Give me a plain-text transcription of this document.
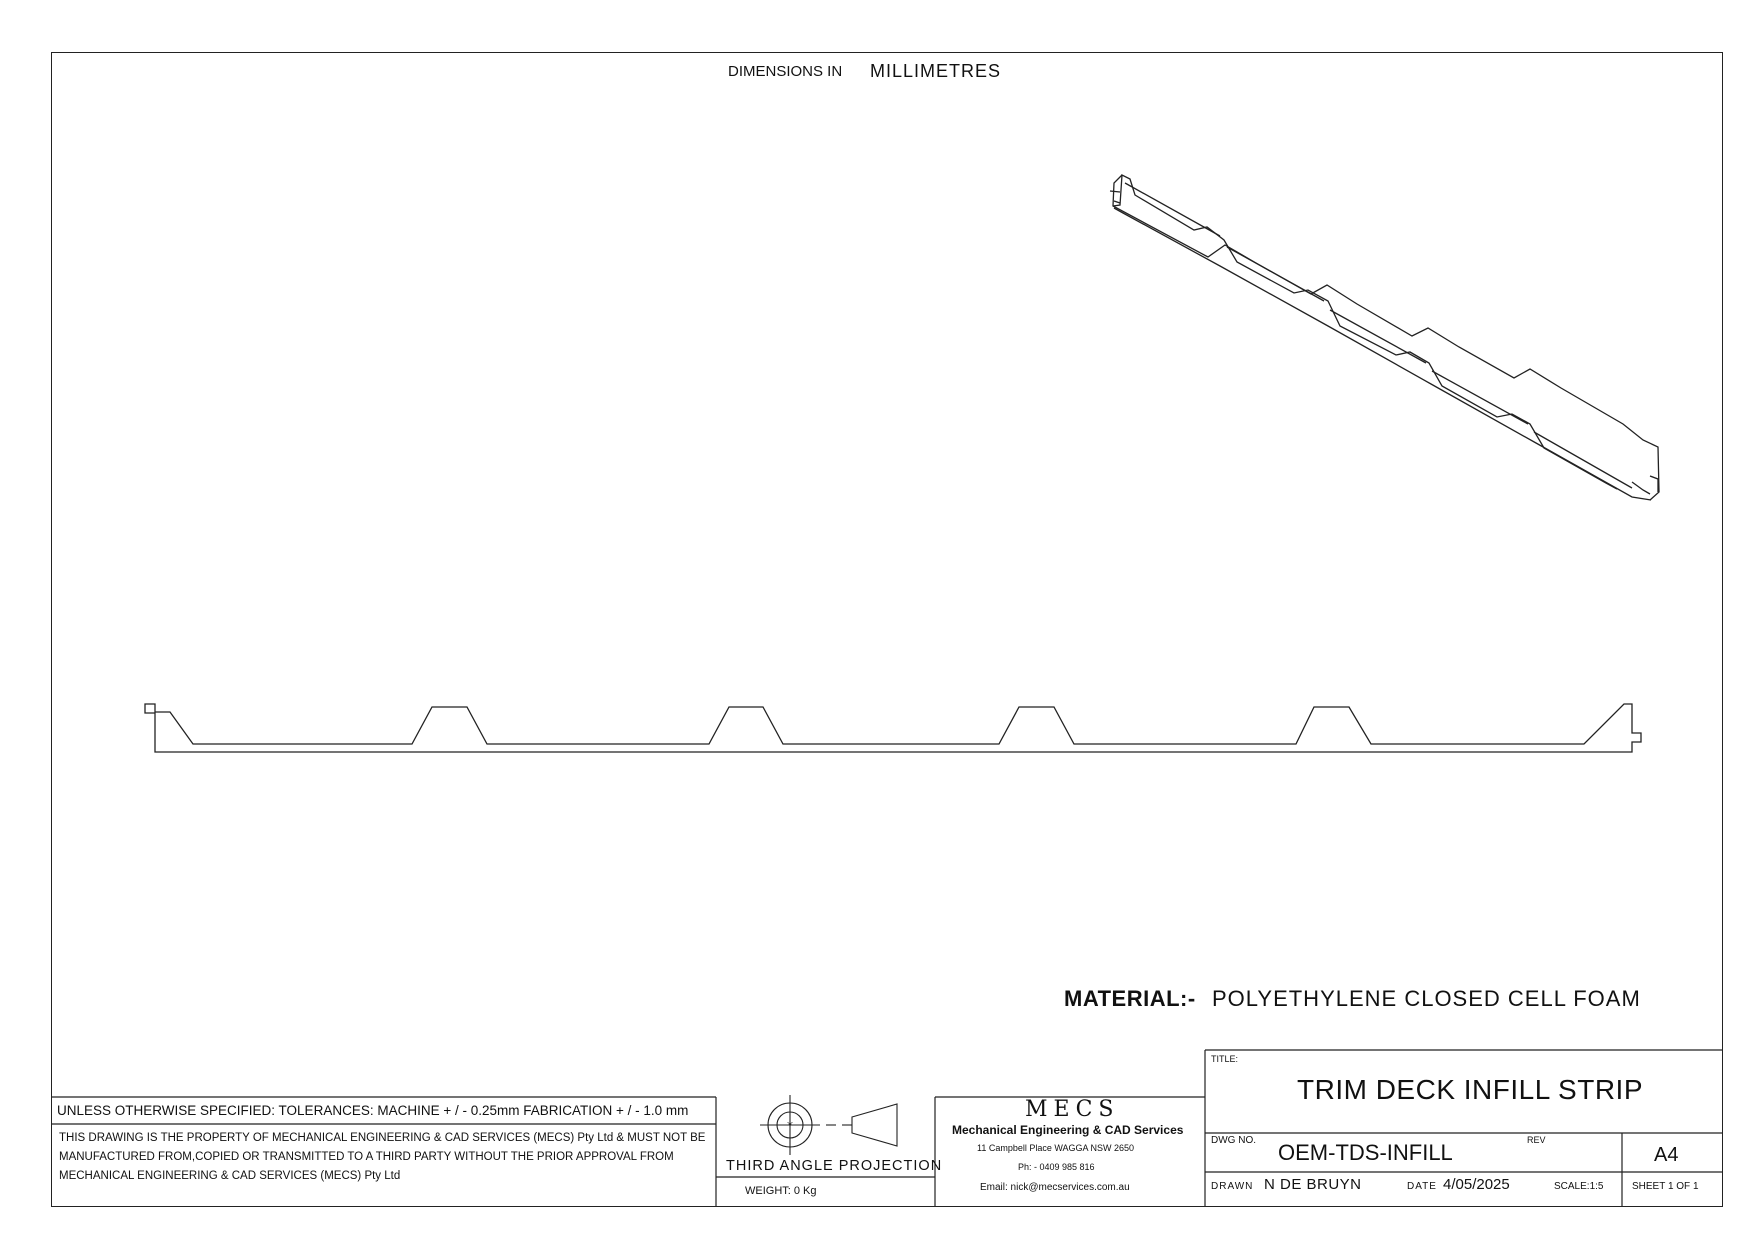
*
DIMENSIONS IN MILLIMETRES
MATERIAL:- POLYETHYLENE CLOSED CELL FOAM
UNLESS OTHERWISE SPECIFIED: TOLERANCES: MACHINE + / - 0.25mm FABRICATION + / - 1.0 mm
THIS DRAWING IS THE PROPERTY OF MECHANICAL ENGINEERING & CAD SERVICES (MECS) Pty Ltd & MUST NOT BE MANUFACTURED FROM,COPIED OR TRANSMITTED TO A THIRD PARTY WITHOUT THE PRIOR APPROVAL FROM MECHANICAL ENGINEERING & CAD SERVICES (MECS) Pty Ltd
THIRD ANGLE PROJECTION
WEIGHT: 0 Kg
MECS
Mechanical Engineering & CAD Services
11 Campbell Place WAGGA NSW 2650
Ph: - 0409 985 816
Email: nick@mecservices.com.au
TITLE:
TRIM DECK INFILL STRIP
DWG NO. OEM-TDS-INFILL	REV
A4
DRAWN N DE BRUYN	DATE 4/05/2025	SCALE:1:5	SHEET 1 OF 1
